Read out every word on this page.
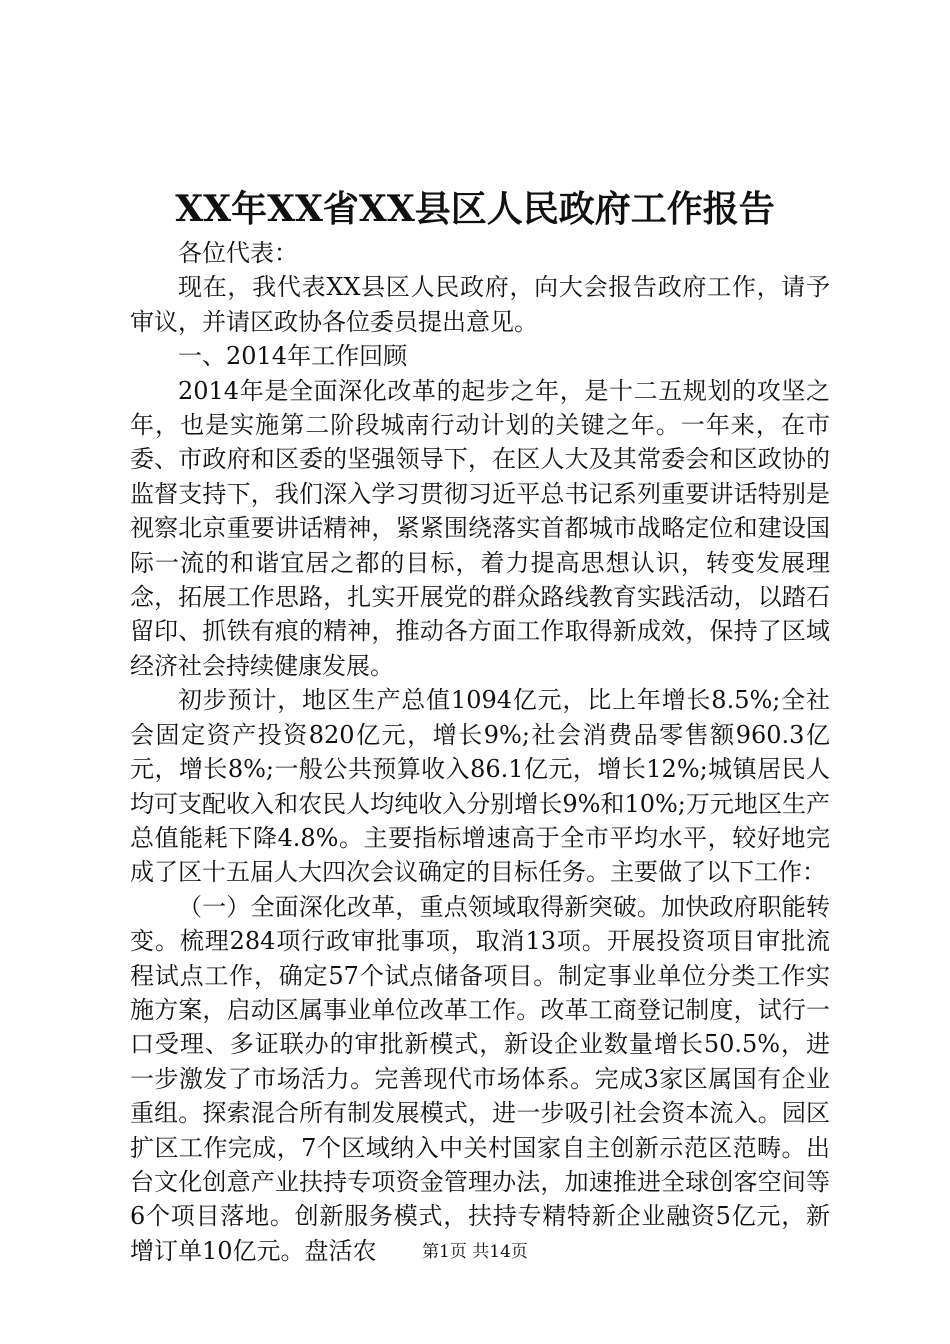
XX年XX省XX县区人民政府工作报告

各位代表：

现在，我代表XX县区人民政府，向大会报告政府工作，请予审议，并请区政协各位委员提出意见。

一、2014年工作回顾

2014年是全面深化改革的起步之年，是十二五规划的攻坚之年，也是实施第二阶段城南行动计划的关键之年。一年来，在市委、市政府和区委的坚强领导下，在区人大及其常委会和区政协的监督支持下，我们深入学习贯彻习近平总书记系列重要讲话特别是视察北京重要讲话精神，紧紧围绕落实首都城市战略定位和建设国际一流的和谐宜居之都的目标，着力提高思想认识，转变发展理念，拓展工作思路，扎实开展党的群众路线教育实践活动，以踏石留印、抓铁有痕的精神，推动各方面工作取得新成效，保持了区域经济社会持续健康发展。

初步预计，地区生产总值1094亿元，比上年增长8.5%;全社会固定资产投资820亿元，增长9%;社会消费品零售额960.3亿元，增长8%;一般公共预算收入86.1亿元，增长12%;城镇居民人均可支配收入和农民人均纯收入分别增长9%和10%;万元地区生产总值能耗下降4.8%。主要指标增速高于全市平均水平，较好地完成了区十五届人大四次会议确定的目标任务。主要做了以下工作：

（一）全面深化改革，重点领域取得新突破。加快政府职能转变。梳理284项行政审批事项，取消13项。开展投资项目审批流程试点工作，确定57个试点储备项目。制定事业单位分类工作实施方案，启动区属事业单位改革工作。改革工商登记制度，试行一口受理、多证联办的审批新模式，新设企业数量增长50.5%，进一步激发了市场活力。完善现代市场体系。完成3家区属国有企业重组。探索混合所有制发展模式，进一步吸引社会资本流入。园区扩区工作完成，7个区域纳入中关村国家自主创新示范区范畴。出台文化创意产业扶持专项资金管理办法，加速推进全球创客空间等6个项目落地。创新服务模式，扶持专精特新企业融资5亿元，新增订单10亿元。盘活农	第1页 共14页
